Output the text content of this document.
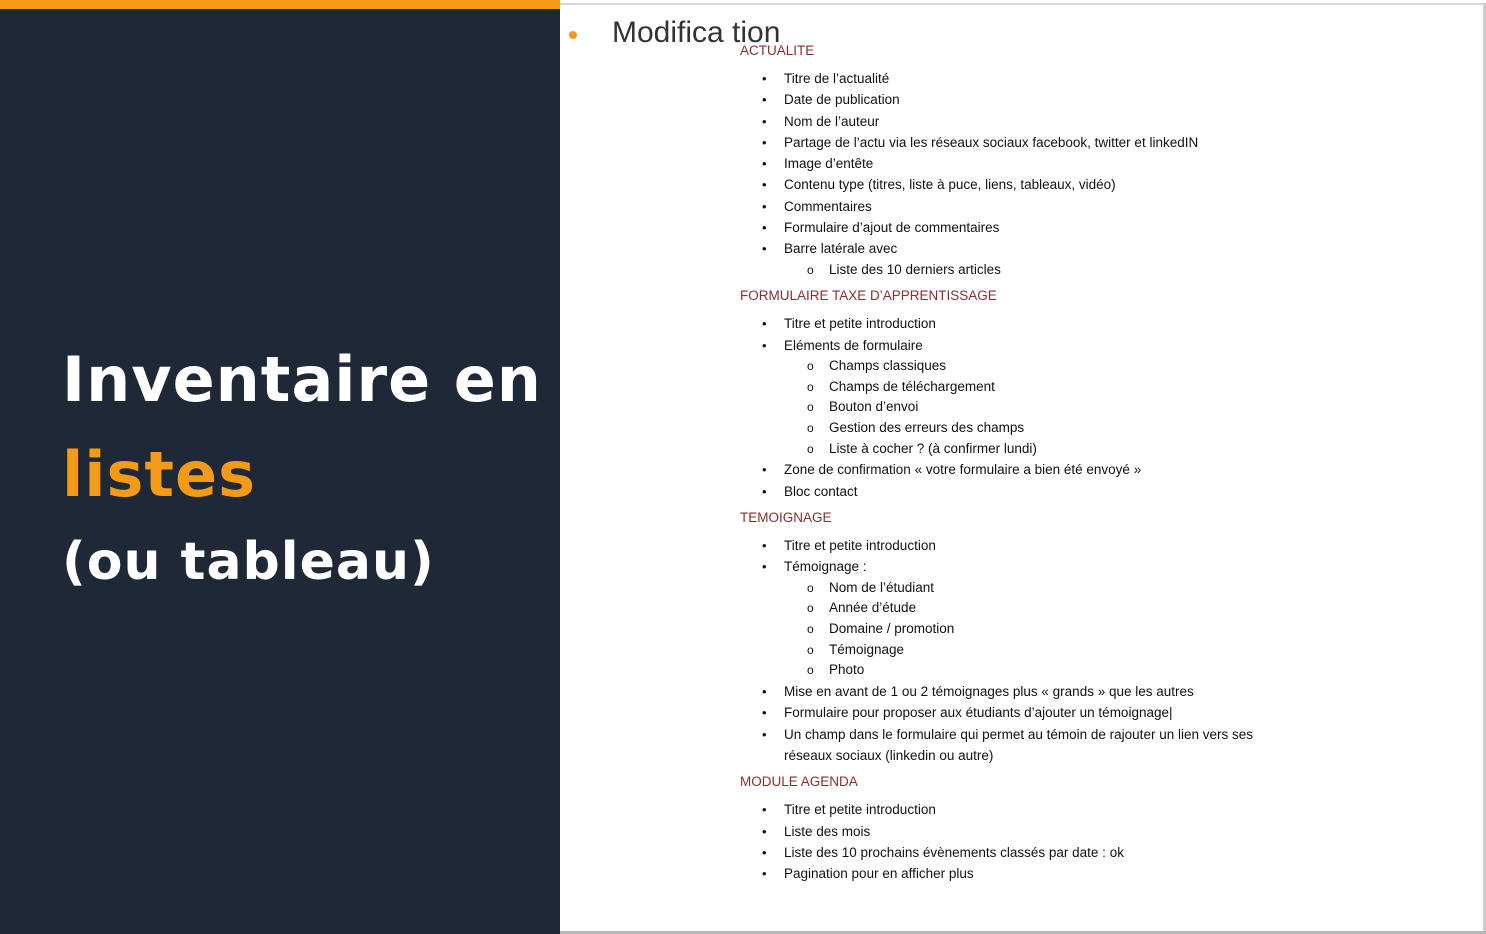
Inventaire en
listes
(ou tableau)
Modifica tion
ACTUALITE
• Titre de l’actualité
• Date de publication
• Nom de l’auteur
• Partage de l’actu via les réseaux sociaux facebook, twitter et linkedIN
• Image d’entête
• Contenu type (titres, liste à puce, liens, tableaux, vidéo)
• Commentaires
• Formulaire d’ajout de commentaires
• Barre latérale avec
o Liste des 10 derniers articles
FORMULAIRE TAXE D’APPRENTISSAGE
• Titre et petite introduction
• Eléments de formulaire
o Champs classiques
o Champs de téléchargement
o Bouton d’envoi
o Gestion des erreurs des champs
o Liste à cocher ? (à confirmer lundi)
• Zone de confirmation « votre formulaire a bien été envoyé »
• Bloc contact
TEMOIGNAGE
• Titre et petite introduction
• Témoignage :
o Nom de l’étudiant
o Année d’étude
o Domaine / promotion
o Témoignage
o Photo
• Mise en avant de 1 ou 2 témoignages plus « grands » que les autres
• Formulaire pour proposer aux étudiants d’ajouter un témoignage|
• Un champ dans le formulaire qui permet au témoin de rajouter un lien vers ses
réseaux sociaux (linkedin ou autre)
MODULE AGENDA
• Titre et petite introduction
• Liste des mois
• Liste des 10 prochains évènements classés par date : ok
• Pagination pour en afficher plus
